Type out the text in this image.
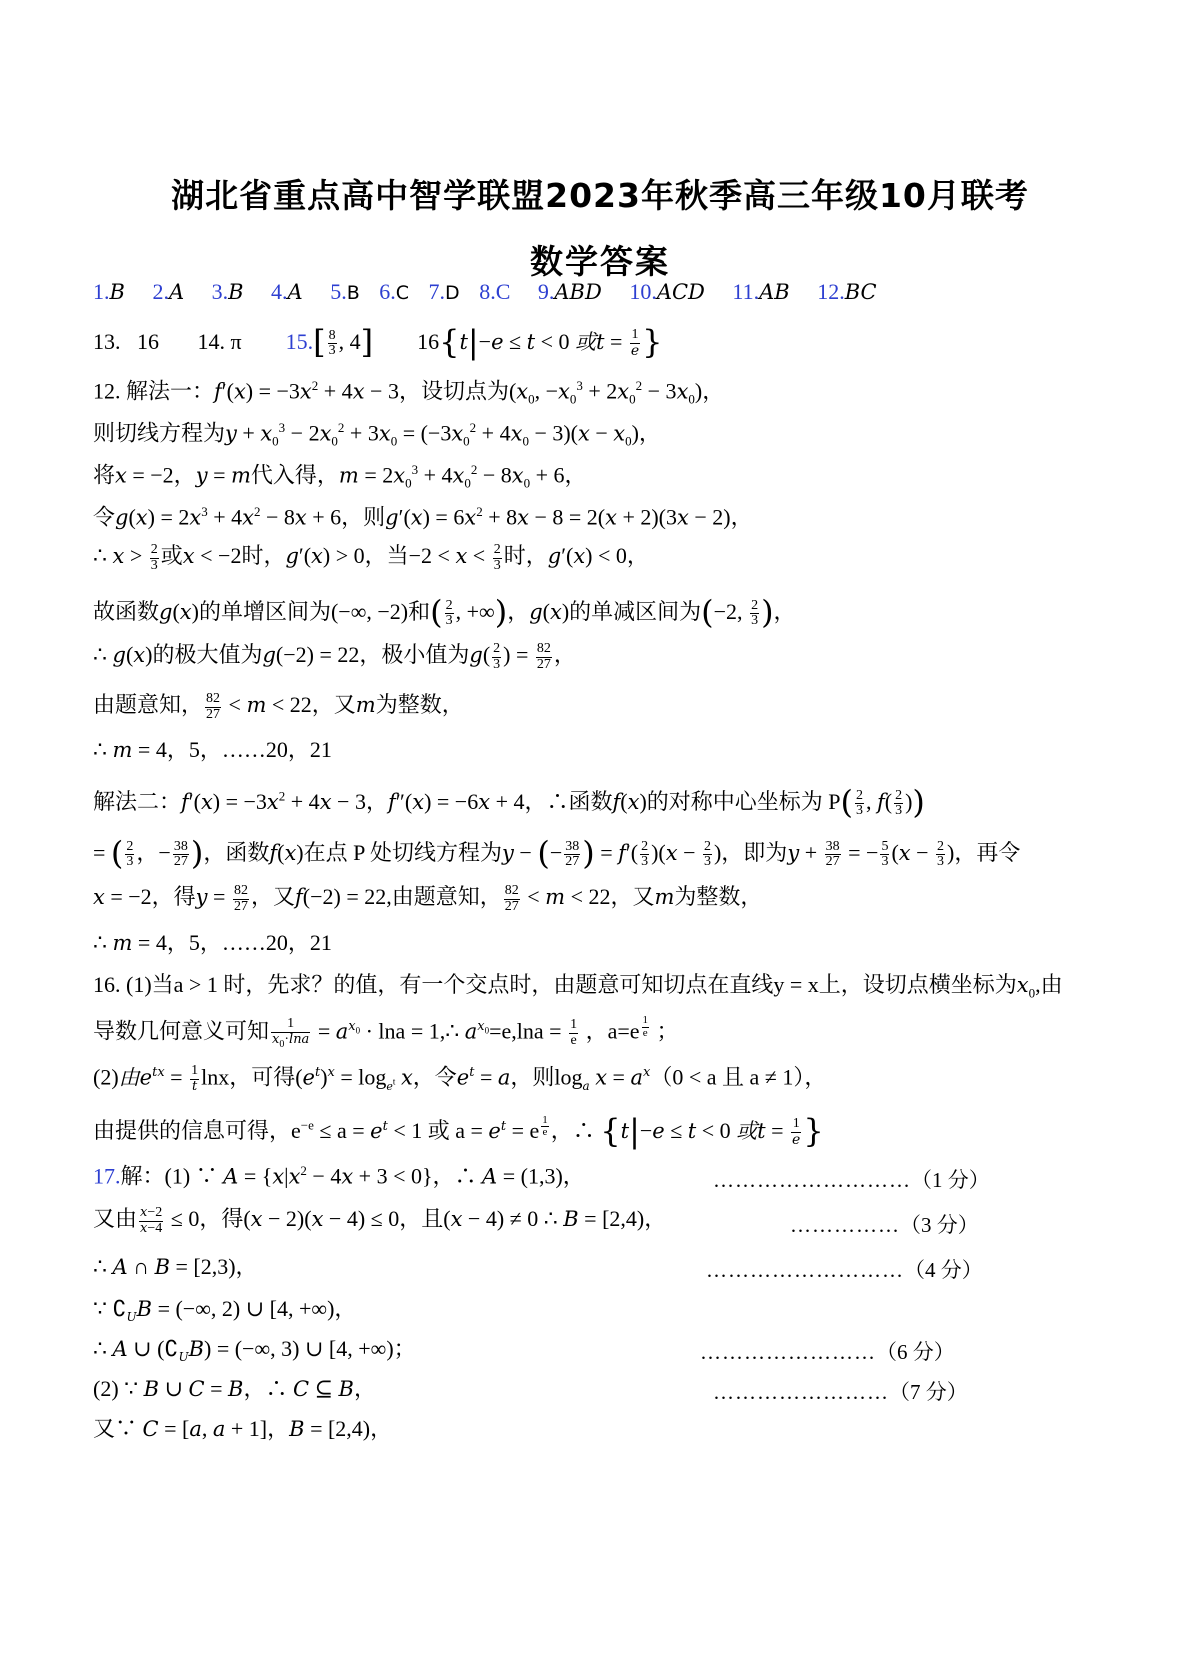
湖北省重点高中智学联盟2023年秋季高三年级10月联考
数学答案
1.B 2.A 3.B 4.A 5.B 6.C 7.D 8.C 9.ABD 10.ACD 11.AB 12.BC
13. 16 14. π $15.[ \frac{8}{3}$ , 4] 16{t|−e ≤ t < 0 或$t = \frac{1}{e}$ }
12. 解法一：$f'(x) = -3x^2 + 4x - 3$，设切点为($x_0$, $-x_0^3 + 2x_0^2 - 3x_0$)，
则切线方程为$y + x_0^3 - 2x_0^2 + 3x_0 = (-3x_0^2 + 4x_0 - 3)(x - x_0)$，
将x = −2，y = m代入得，$m = 2x_0^3 + 4x_0^2 - 8x_0 + 6$，
令$g(x) = 2x^3 + 4x^2 - 8x + 6$，则$g'(x) = 6x^2 + 8x - 8 = 2(x + 2)(3x - 2)$，
∴ $x > \frac{2}{3}$ 或x < −2时，g′(x) > 0，当$-2 < x < \frac{2}{3}$ 时，g′(x) < 0，
故函数g(x)的单增区间为(−∞, −2)和( $\frac{2}{3}$ , +∞)，g(x)的单减区间为(−2, $\frac{2}{3}$ )，
∴ g(x)的极大值为g(−2) = 22，极小值为$g( \frac{2}{3}$ ) = $\frac{82}{27}$ ，
由题意知， $\frac{82}{27} < m < 22$，又m为整数，
∴ m = 4，5，……20，21
解法二：$f'(x) = -3x^2 + 4x - 3$，f″(x) = −6x + 4，∴函数f(x)的对称中心坐标为 $P( \frac{2}{3}$ , $f( \frac{2}{3}$ ))
= ( $\frac{2}{3}$ ，− $\frac{38}{27}$ )，函数f(x)在点 P 处切线方程为y − (− $\frac{38}{27}$ ) = $f'( \frac{2}{3} )(x - \frac{2}{3}$ )，即为$y + \frac{38}{27}$ = − $\frac{5}{3} (x - \frac{2}{3}$ )，再令
x = −2，得$y = \frac{82}{27}$ ，又f(−2) = 22,由题意知， $\frac{82}{27} < m < 22$，又m为整数，
∴ m = 4，5，……20，21
16. (1)当a > 1 时，先求？的值，有一个交点时，由题意可知切点在直线y = x上，设切点横坐标为$x_0$,由
导数几何意义可知 $\frac{1}{x_0\cdot\ln a} = a^{x_0} \cdot \ln a$ = 1,∴ $a^{x_0}=e,\ln a = \frac{1}{e}$ ，a=e $^{\frac{1}{e}}$ ；
(2)由$e^{tx} = \frac{1}{t}$ lnx，可得$(e^t)^x = \log_{e^t} x$，令$e^t = a$，则$\log_a x = a^x(0 < a$ 且 a ≠ 1），
由提供的信息可得，$e^{-e} \le a = e^t < 1$ 或 $a = e^t = e$ $^{\frac{1}{e}}$ ，∴ {t|−e ≤ t < 0 或$t = \frac{1}{e}$ }
17.解：(1) ∵ $A = \{x|x^2 - 4x + 3 < 0\}$，∴ A = (1,3)，	………………………（1 分）
又由 $\frac{x-2}{x-4} \le 0$，得(x − 2)(x − 4) ≤ 0，且(x − 4) ≠ 0 ∴ B = [2,4)，	……………（3 分）
∴ A ∩ B = [2,3)，	………………………（4 分）
∵ $∁_UB$ = (−∞, 2) ∪ [4, +∞)，
∴ A ∪ $(∁_UB)$ = (−∞, 3) ∪ [4, +∞)；	……………………（6 分）
(2) ∵ B ∪ C = B，∴ C ⊆ B，	……………………（7 分）
又∵ C = [a, a + 1]，B = [2,4)，
